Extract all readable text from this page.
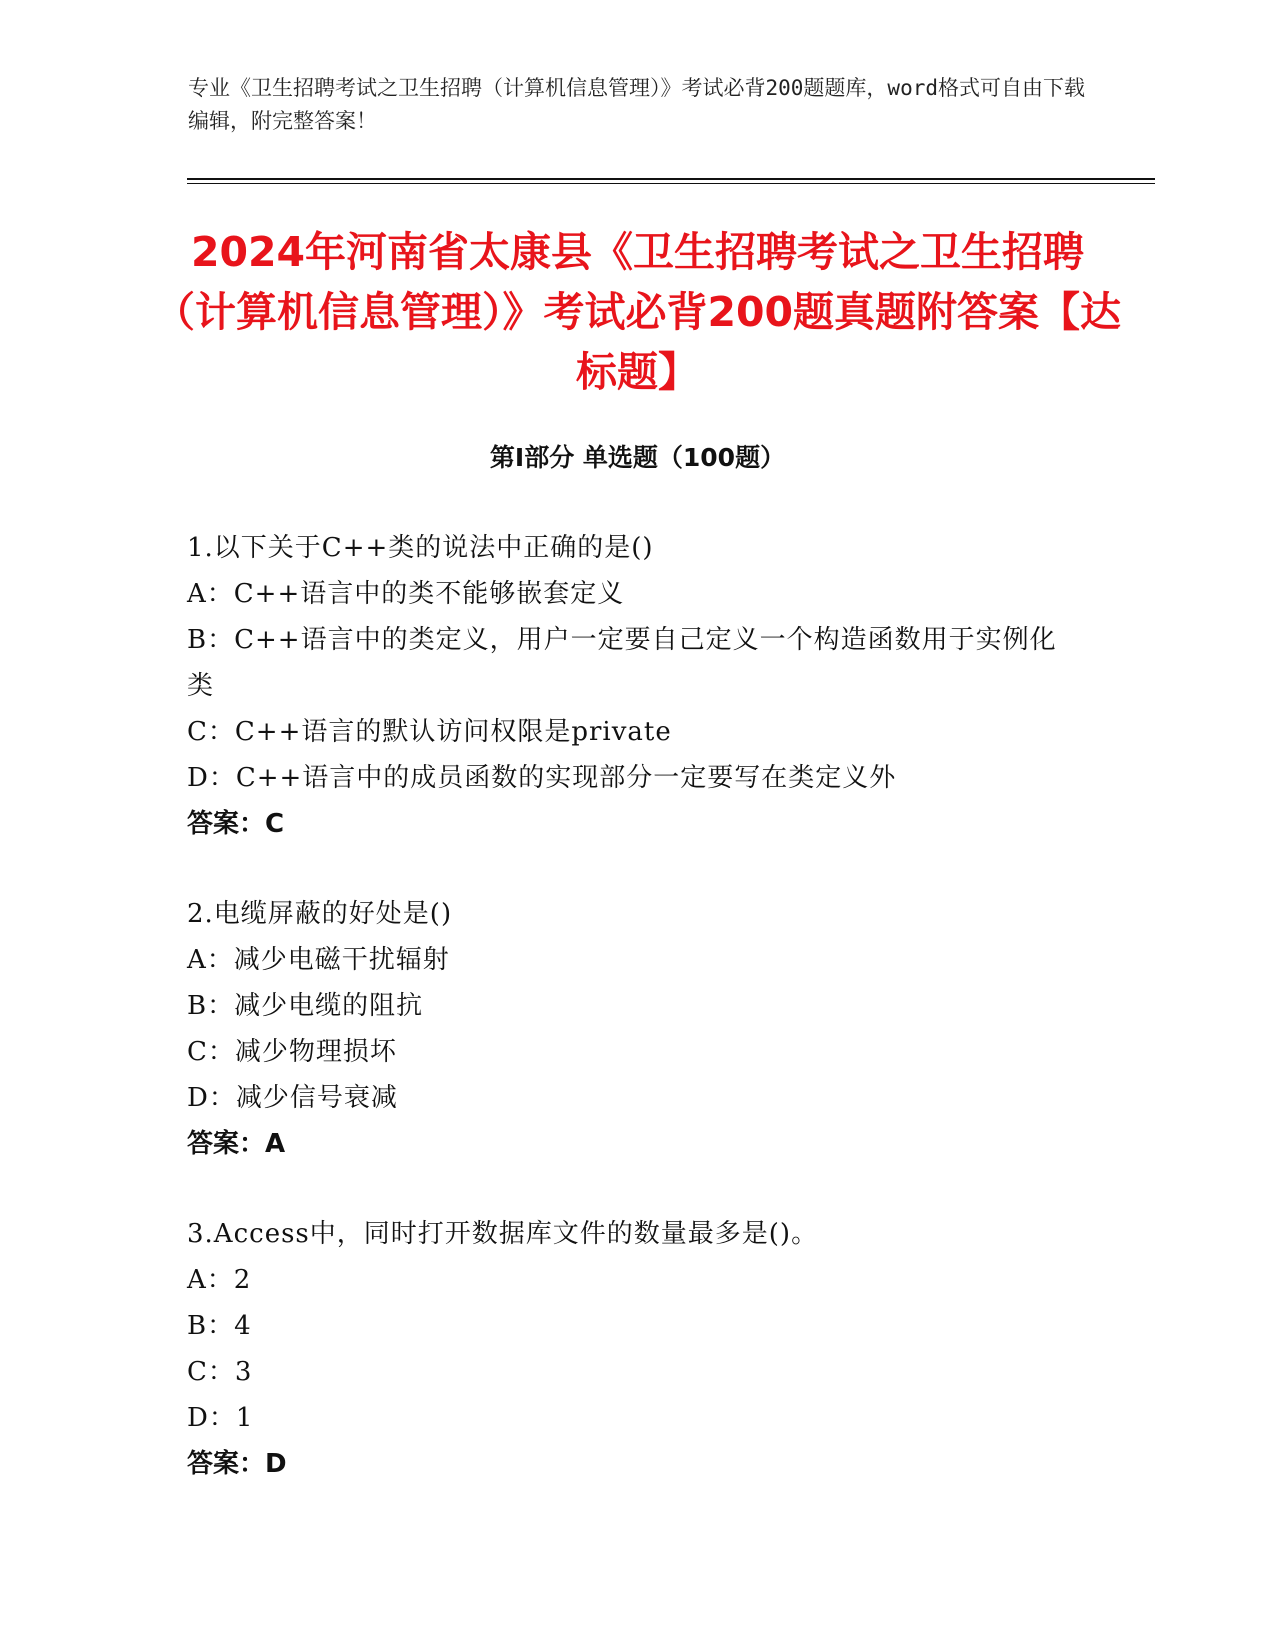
专业《卫生招聘考试之卫生招聘（计算机信息管理）》考试必背200题题库，word格式可自由下载编辑，附完整答案！
2024年河南省太康县《卫生招聘考试之卫生招聘（计算机信息管理）》考试必背200题真题附答案【达标题】
第Ⅰ部分 单选题（100题）
1.以下关于C++类的说法中正确的是()
A：C++语言中的类不能够嵌套定义
B：C++语言中的类定义，用户一定要自己定义一个构造函数用于实例化类
C：C++语言的默认访问权限是private
D：C++语言中的成员函数的实现部分一定要写在类定义外
答案：C
2.电缆屏蔽的好处是()
A：减少电磁干扰辐射
B：减少电缆的阻抗
C：减少物理损坏
D：减少信号衰减
答案：A
3.Access中，同时打开数据库文件的数量最多是()。
A：2
B：4
C：3
D：1
答案：D
